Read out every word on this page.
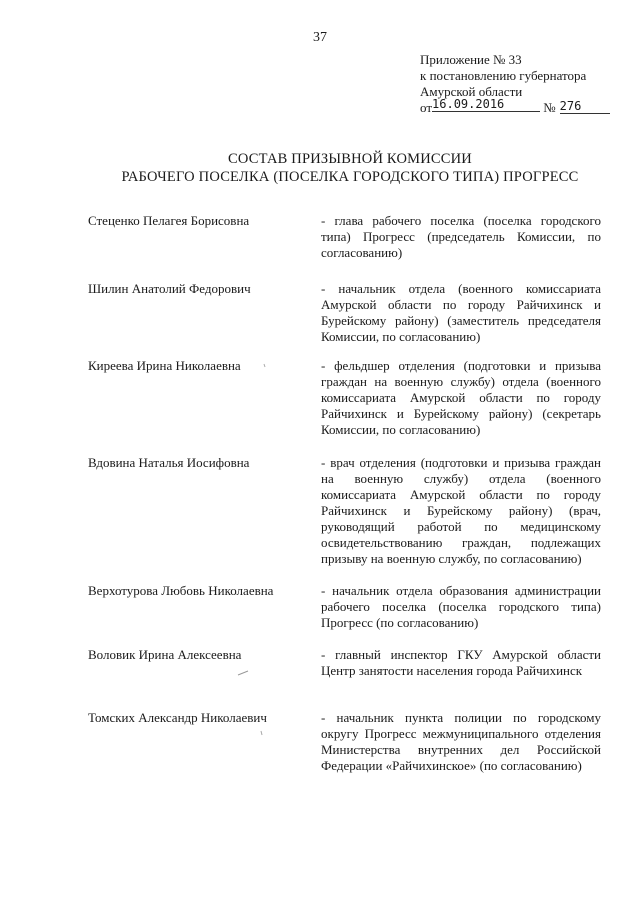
37
Приложение № 33
к постановлению губернатора
Амурской области
от16.09.2016	№ 276
СОСТАВ ПРИЗЫВНОЙ КОМИССИИ
РАБОЧЕГО ПОСЕЛКА (ПОСЕЛКА ГОРОДСКОГО ТИПА) ПРОГРЕСС
Стеценко Пелагея Борисовна	- глава рабочего поселка (поселка городского типа) Прогресс (председатель Комиссии, по согласованию)
Шилин Анатолий Федорович	- начальник отдела (военного комиссариата Амурской области по городу Райчихинск и Бурейскому району) (заместитель председателя Комиссии, по согласованию)
Киреева Ирина Николаевна	- фельдшер отделения (подготовки и призыва граждан на военную службу) отдела (военного комиссариата Амурской области по городу Райчихинск и Бурейскому району) (секретарь Комиссии, по согласованию)
Вдовина Наталья Иосифовна	- врач отделения (подготовки и призыва граждан на военную службу) отдела (военного комиссариата Амурской области по городу Райчихинск и Бурейскому району) (врач, руководящий работой по медицинскому освидетельствованию граждан, подлежащих призыву на военную службу, по согласованию)
Верхотурова Любовь Николаевна	- начальник отдела образования администрации рабочего поселка (поселка городского типа) Прогресс (по согласованию)
Воловик Ирина Алексеевна	- главный инспектор ГКУ Амурской области Центр занятости населения города Райчихинск
Томских Александр Николаевич	- начальник пункта полиции по городскому округу Прогресс межмуниципального отделения Министерства внутренних дел Российской Федерации «Райчихинское» (по согласованию)
